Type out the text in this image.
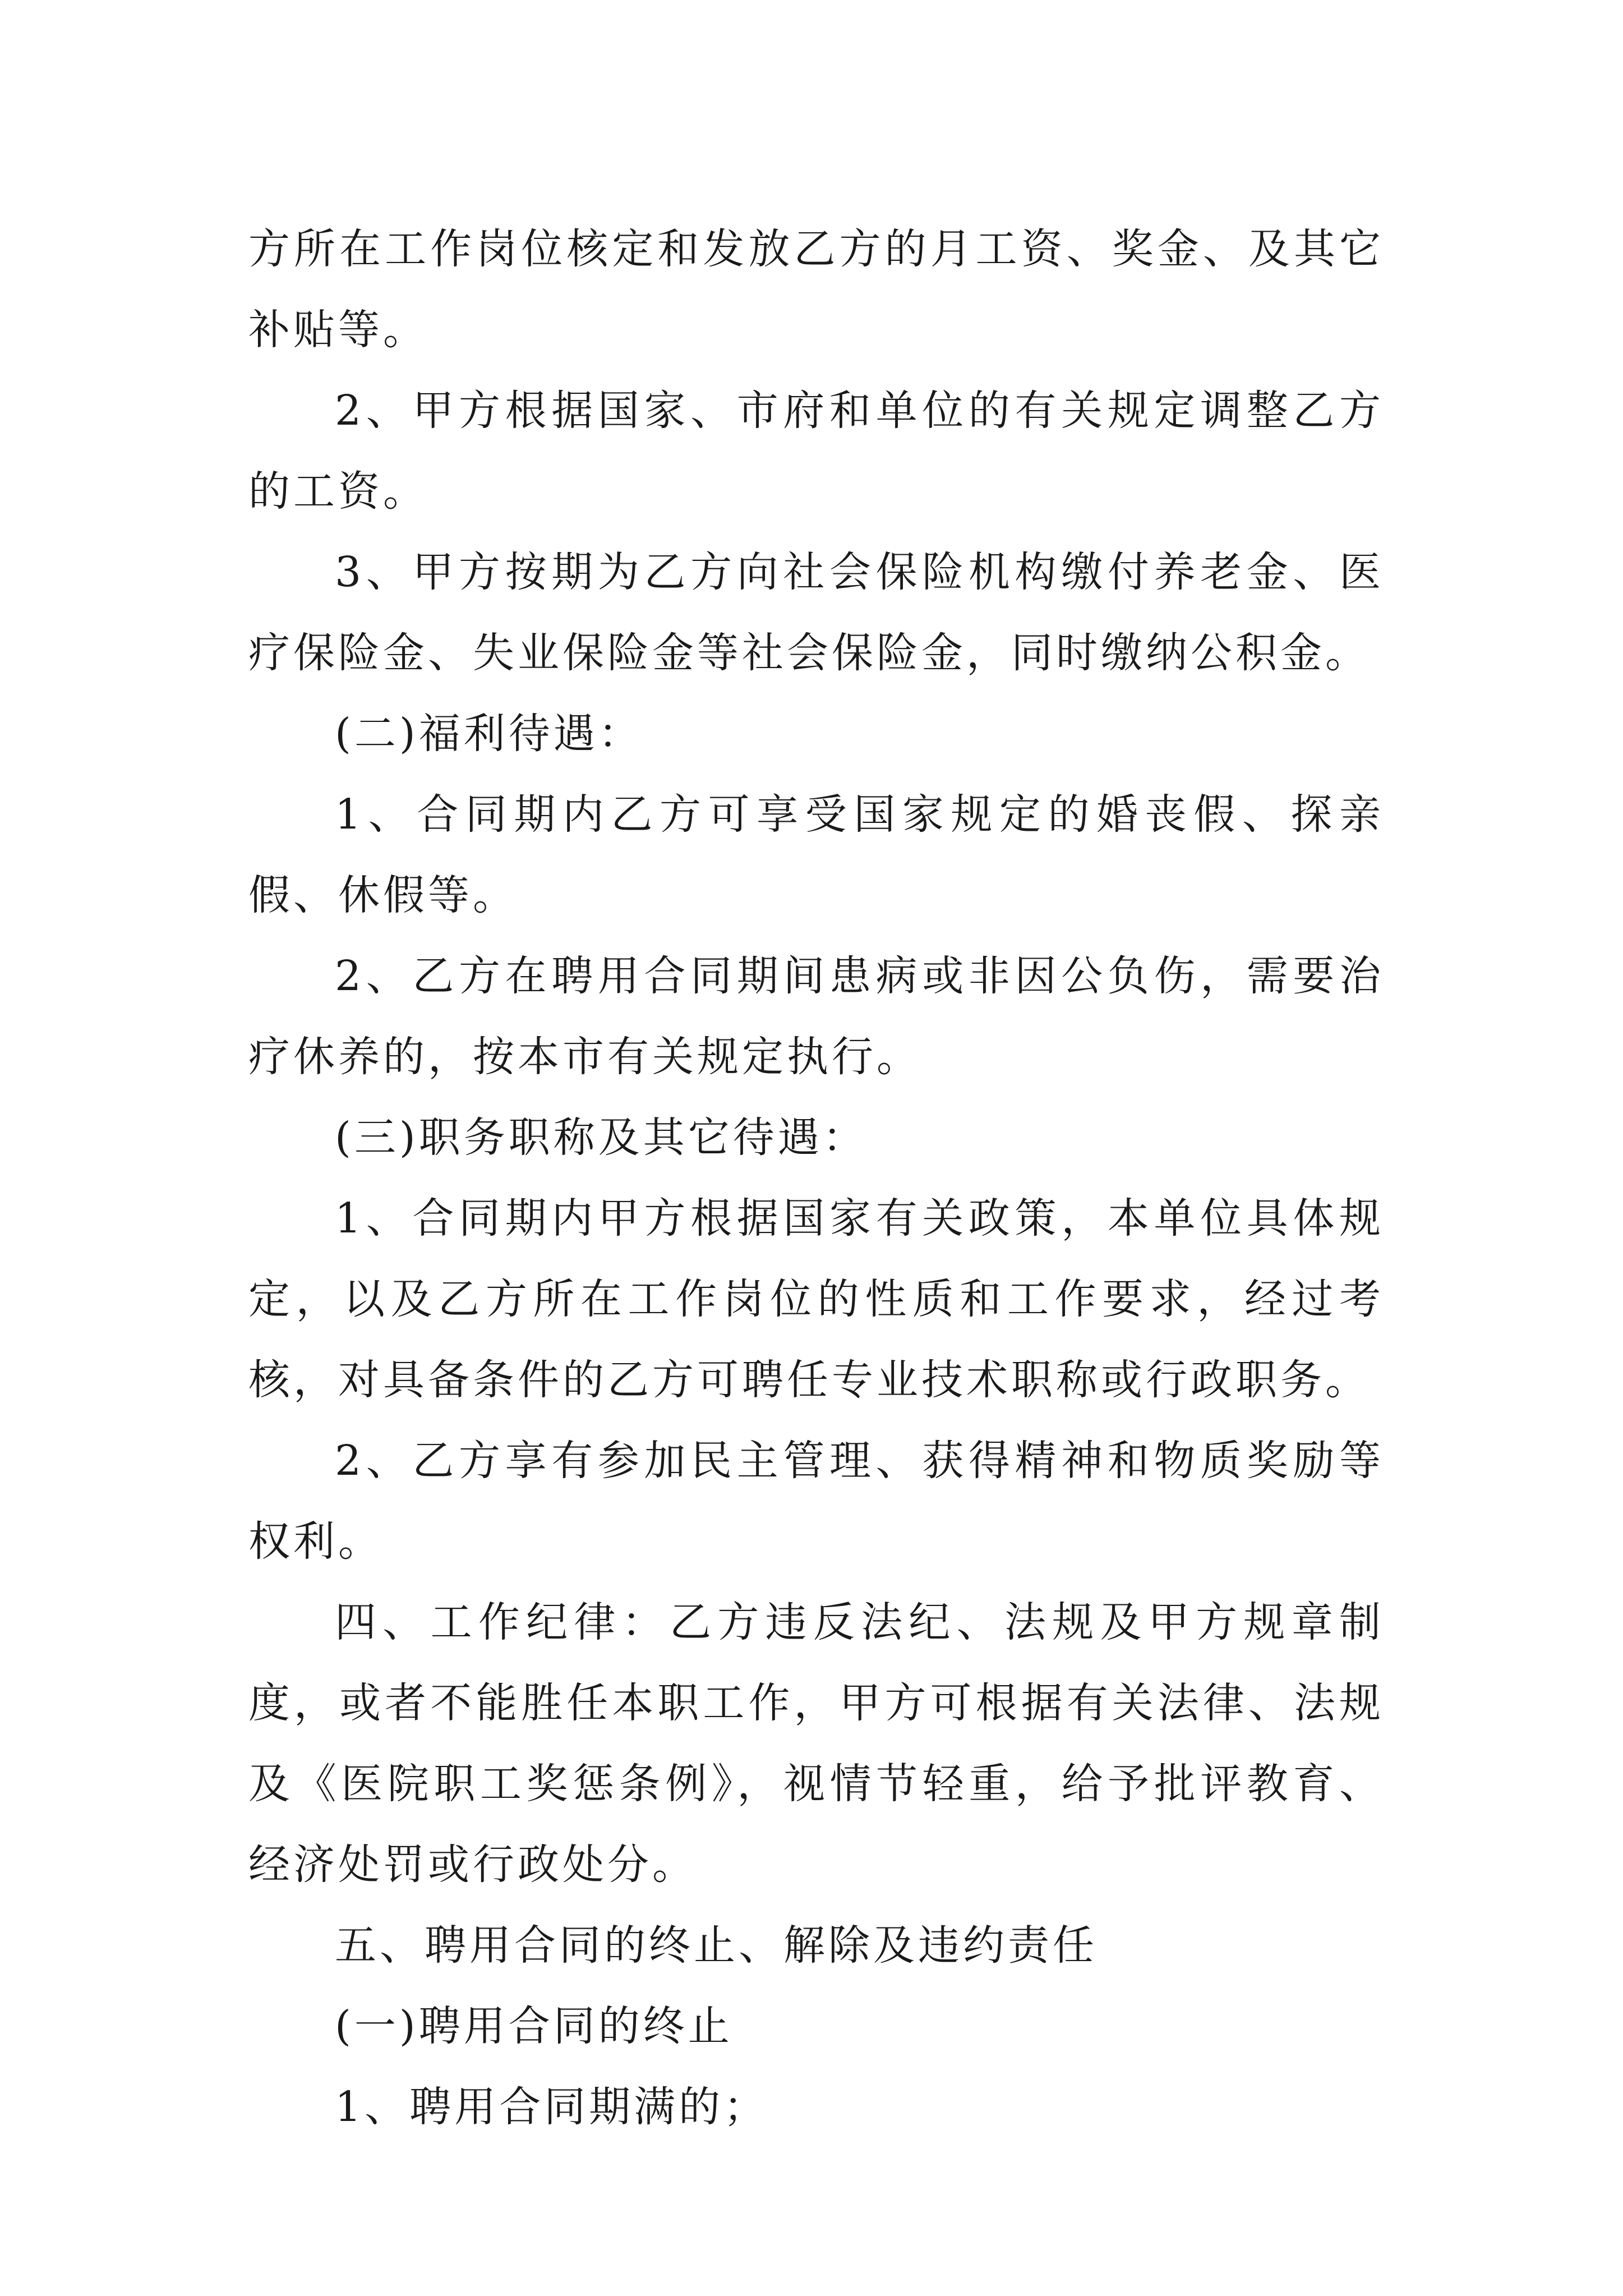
方所在工作岗位核定和发放乙方的月工资、奖金、及其它补贴等。

2、甲方根据国家、市府和单位的有关规定调整乙方的工资。

3、甲方按期为乙方向社会保险机构缴付养老金、医疗保险金、失业保险金等社会保险金，同时缴纳公积金。

(二)福利待遇：

1、合同期内乙方可享受国家规定的婚丧假、探亲假、休假等。

2、乙方在聘用合同期间患病或非因公负伤，需要治疗休养的，按本市有关规定执行。

(三)职务职称及其它待遇：

1、合同期内甲方根据国家有关政策，本单位具体规定，以及乙方所在工作岗位的性质和工作要求，经过考核，对具备条件的乙方可聘任专业技术职称或行政职务。

2、乙方享有参加民主管理、获得精神和物质奖励等权利。

四、工作纪律：乙方违反法纪、法规及甲方规章制度，或者不能胜任本职工作，甲方可根据有关法律、法规及《医院职工奖惩条例》，视情节轻重，给予批评教育、经济处罚或行政处分。

五、聘用合同的终止、解除及违约责任

(一)聘用合同的终止

1、聘用合同期满的；
